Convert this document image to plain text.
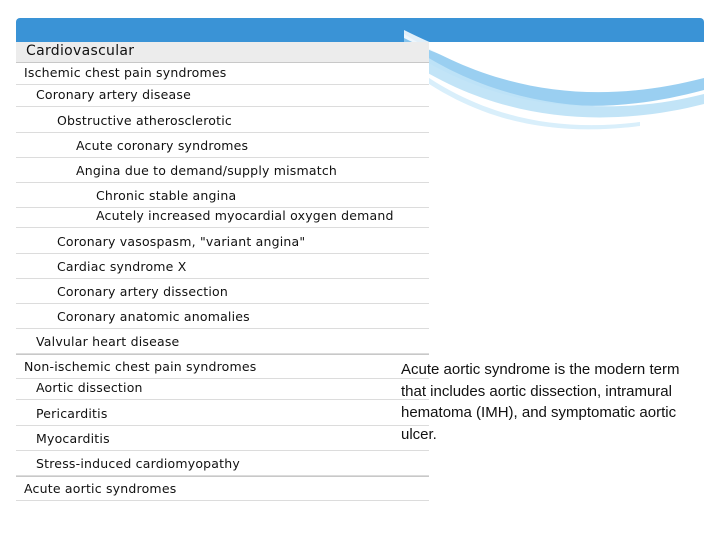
Cardiovascular
Ischemic chest pain syndromes
Coronary artery disease
Obstructive atherosclerotic
Acute coronary syndromes
Angina due to demand/supply mismatch
Chronic stable angina
Acutely increased myocardial oxygen demand
Coronary vasospasm, "variant angina"
Cardiac syndrome X
Coronary artery dissection
Coronary anatomic anomalies
Valvular heart disease
Non-ischemic chest pain syndromes
Aortic dissection
Pericarditis
Myocarditis
Stress-induced cardiomyopathy
Acute aortic syndromes
Acute aortic syndrome is the modern term that includes aortic dissection, intramural hematoma (IMH), and symptomatic aortic ulcer.
